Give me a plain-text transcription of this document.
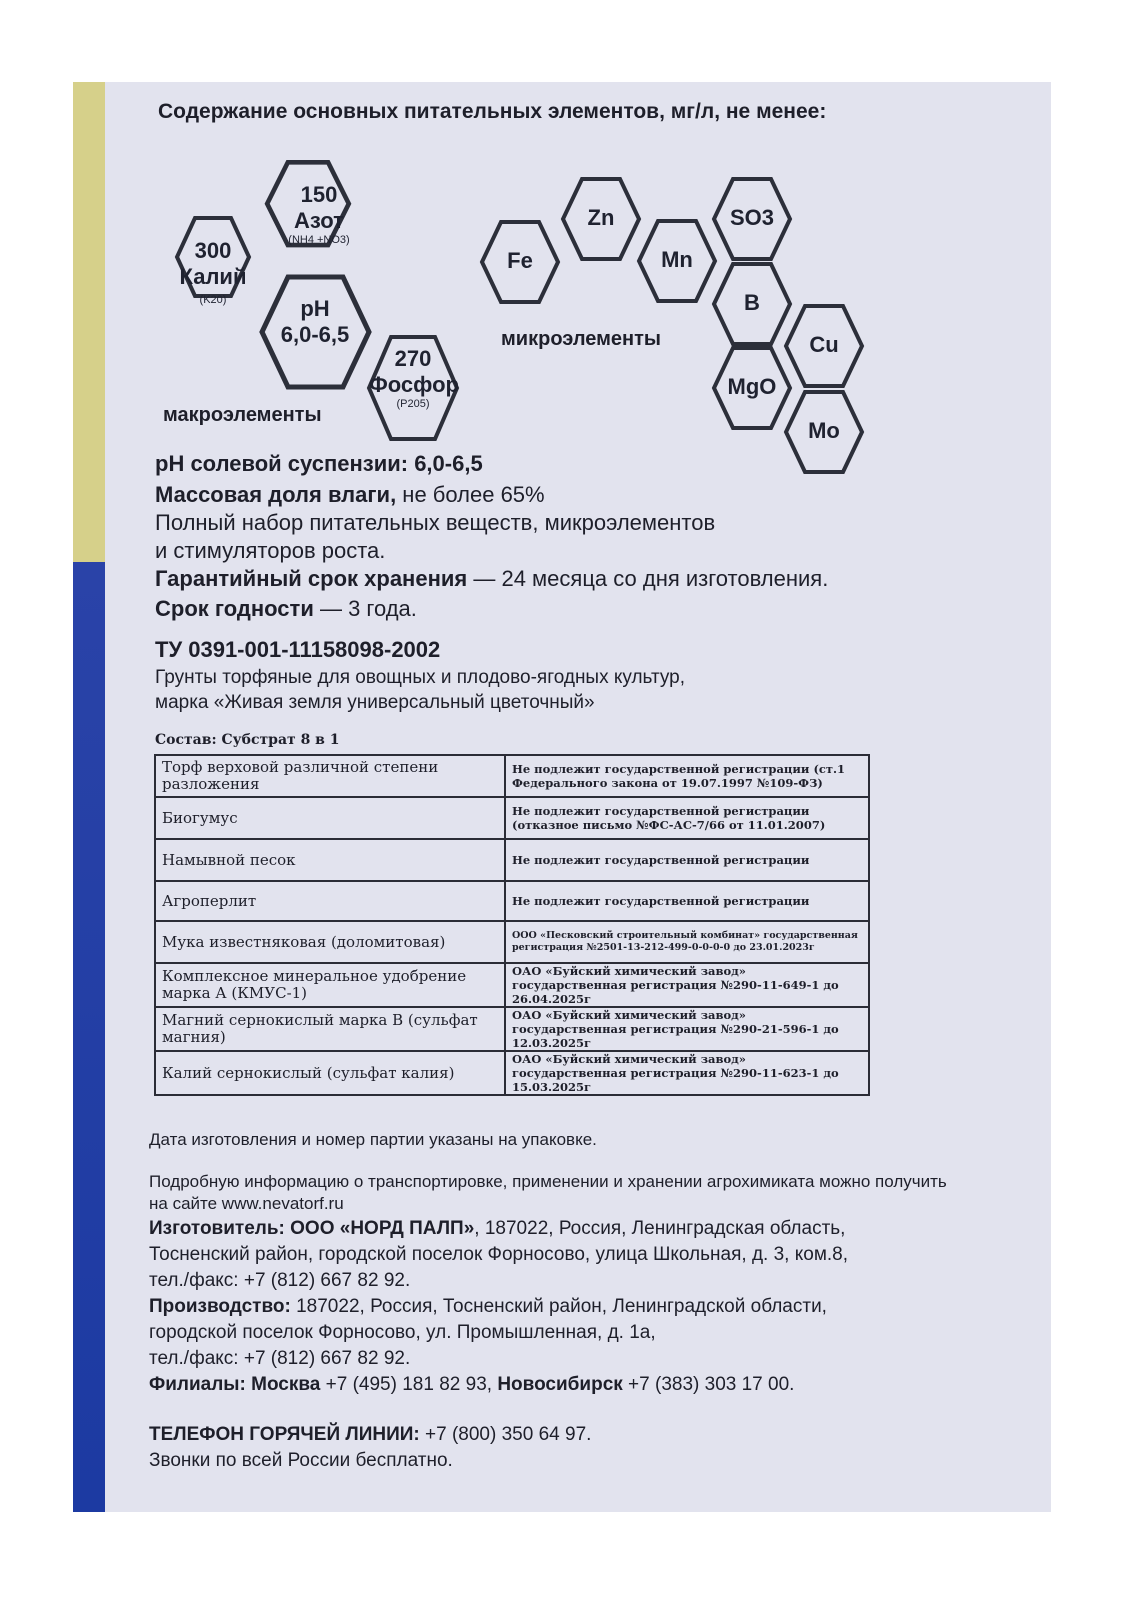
Содержание основных питательных элементов, мг/л, не менее:
150
Азот
(NH4 +NO3)
300
Калий
(K20)	pH
6,0-6,5
270
Фосфор
(P205)
макроэлементы
Fe
Zn
Mn
SO3
B
Cu
MgO
Mo
микроэлементы
pH солевой суспензии: 6,0-6,5
Массовая доля влаги, не более 65%
Полный набор питательных веществ, микроэлементов
и стимуляторов роста.
Гарантийный срок хранения — 24 месяца со дня изготовления.
Срок годности — 3 года.
ТУ 0391-001-11158098-2002
Грунты торфяные для овощных и плодово-ягодных культур,
марка «Живая земля универсальный цветочный»
Состав: Субстрат 8 в 1
Торф верховой различной степени разложения	Не подлежит государственной регистрации (ст.1 Федерального закона от 19.07.1997 №109-ФЗ)
Биогумус	Не подлежит государственной регистрации (отказное письмо №ФС-АС-7/66 от 11.01.2007)
Намывной песок	Не подлежит государственной регистрации
Агроперлит	Не подлежит государственной регистрации
Мука известняковая (доломитовая)	ООО «Песковский строительный комбинат» государственная регистрация №2501-13-212-499-0-0-0-0 до 23.01.2023г
Комплексное минеральное удобрение марка А (КМУС-1)	ОАО «Буйский химический завод» государственная регистрация №290-11-649-1 до 26.04.2025г
Магний сернокислый марка В (сульфат магния)	ОАО «Буйский химический завод» государственная регистрация №290-21-596-1 до 12.03.2025г
Калий сернокислый (сульфат калия)	ОАО «Буйский химический завод» государственная регистрация №290-11-623-1 до 15.03.2025г
Дата изготовления и номер партии указаны на упаковке.
Подробную информацию о транспортировке, применении и хранении агрохимиката можно получить
на сайте www.nevatorf.ru
Изготовитель: ООО «НОРД ПАЛП», 187022, Россия, Ленинградская область,
Тосненский район, городской поселок Форносово, улица Школьная, д. 3, ком.8,
тел./факс: +7 (812) 667 82 92.
Производство: 187022, Россия, Тосненский район, Ленинградской области,
городской поселок Форносово, ул. Промышленная, д. 1а,
тел./факс: +7 (812) 667 82 92.
Филиалы: Москва +7 (495) 181 82 93, Новосибирск +7 (383) 303 17 00.
ТЕЛЕФОН ГОРЯЧЕЙ ЛИНИИ: +7 (800) 350 64 97.
Звонки по всей России бесплатно.
